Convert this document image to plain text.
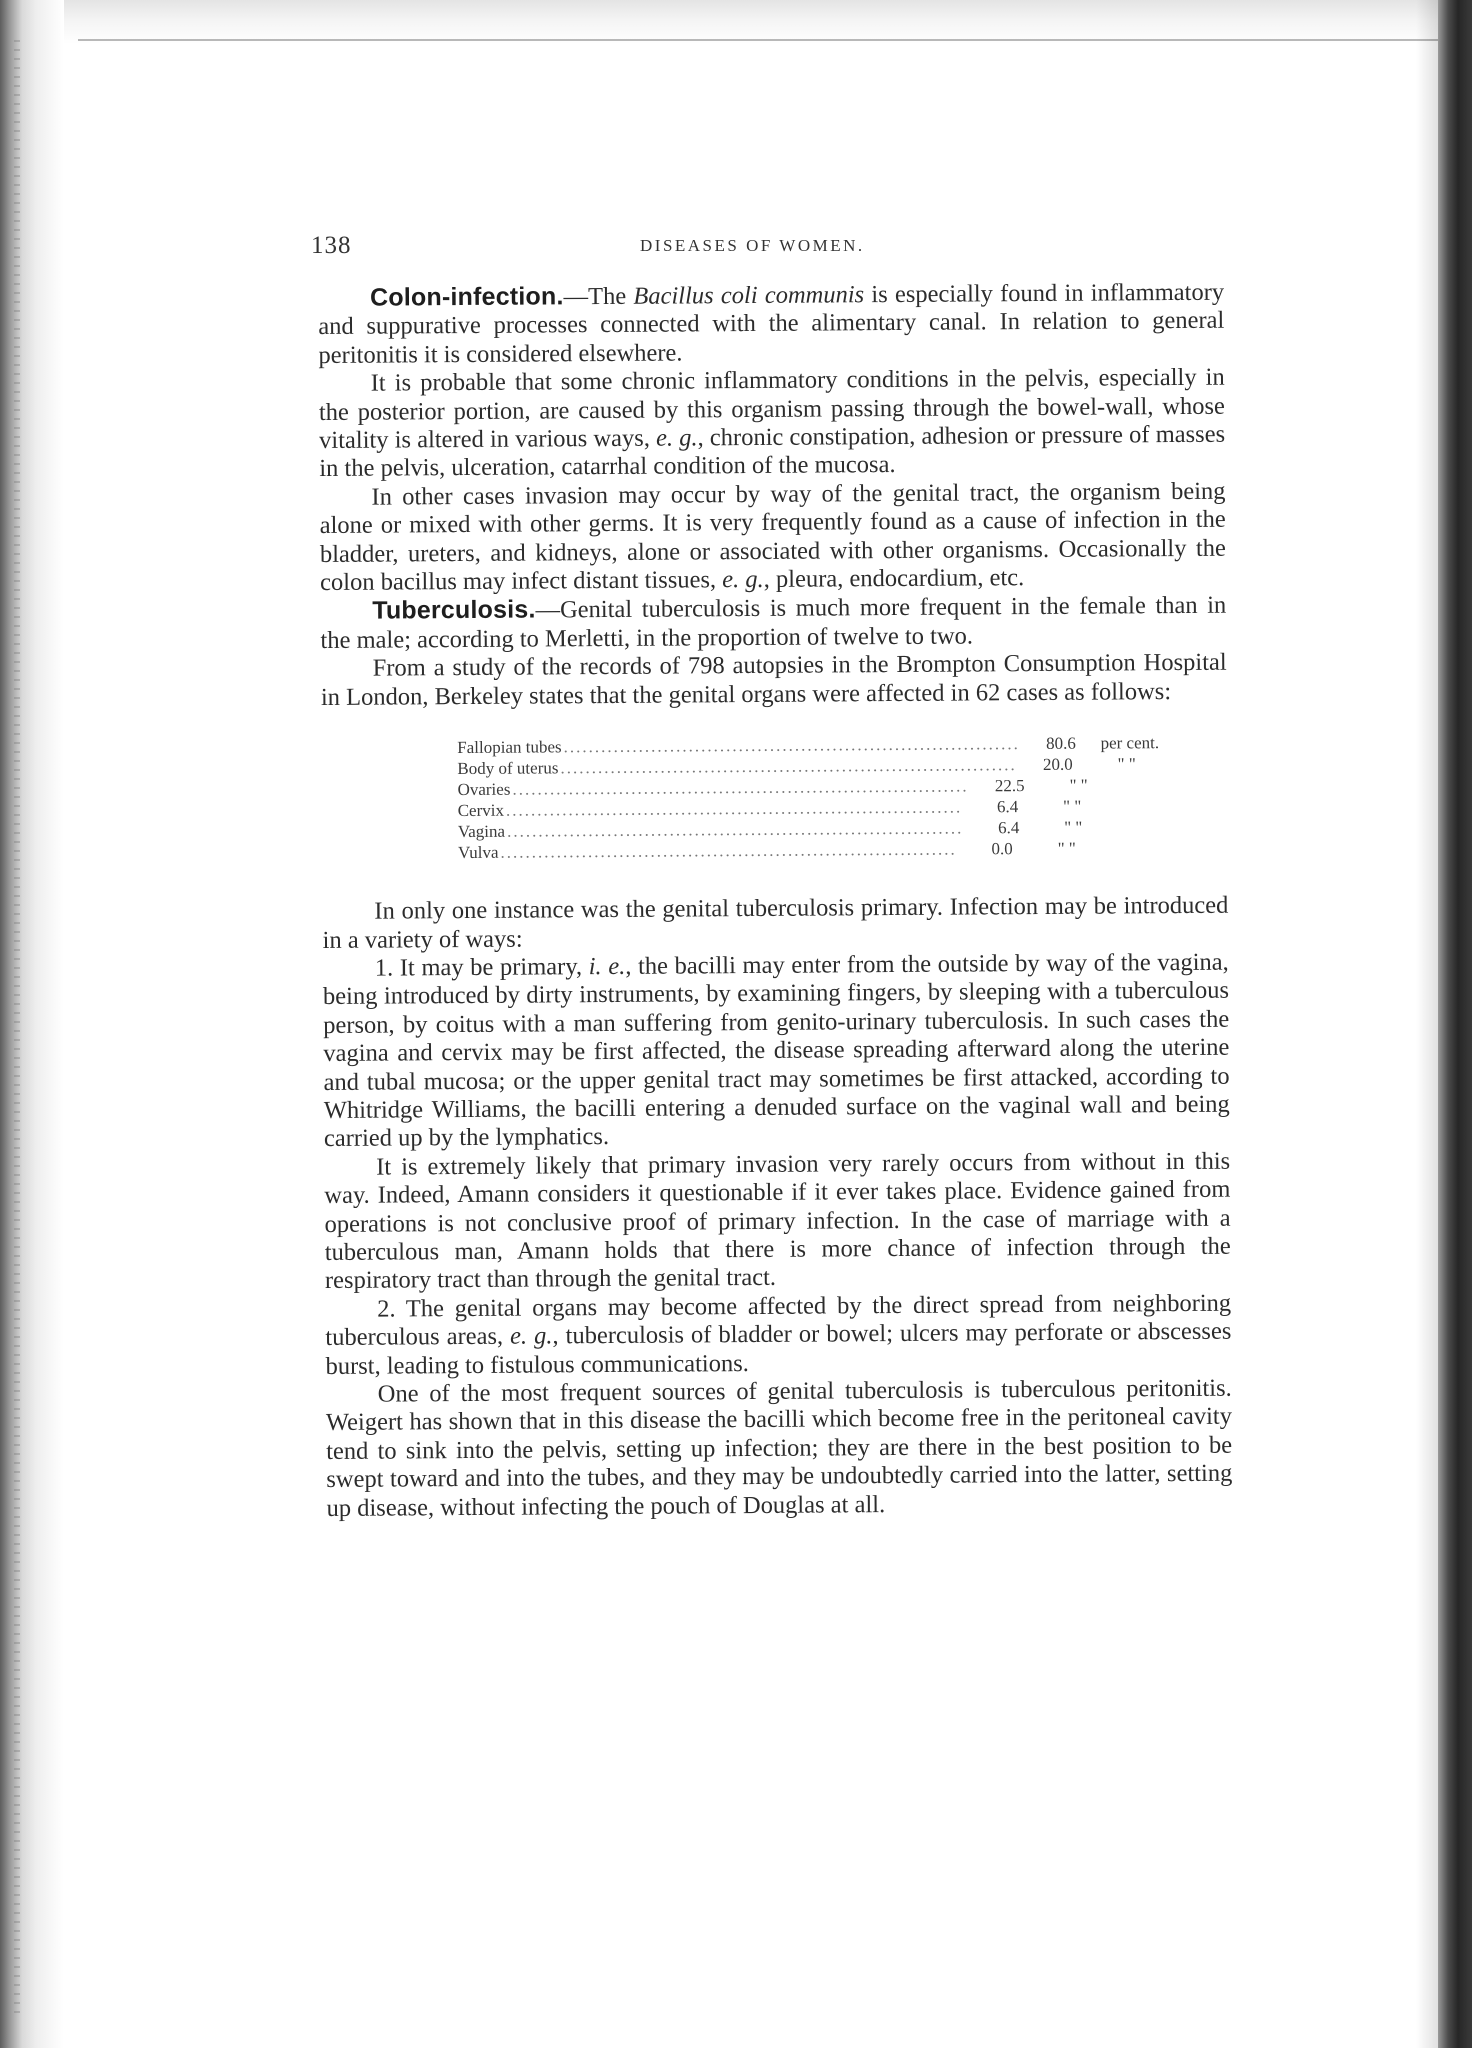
138	DISEASES OF WOMEN.

Colon-infection.—The Bacillus coli communis is especially found in inflammatory and suppurative processes connected with the alimentary canal. In relation to general peritonitis it is considered elsewhere.

It is probable that some chronic inflammatory conditions in the pelvis, especially in the posterior portion, are caused by this organism passing through the bowel-wall, whose vitality is altered in various ways, e. g., chronic constipation, adhesion or pressure of masses in the pelvis, ulceration, catarrhal condition of the mucosa.

In other cases invasion may occur by way of the genital tract, the organism being alone or mixed with other germs. It is very frequently found as a cause of infection in the bladder, ureters, and kidneys, alone or associated with other organisms. Occasionally the colon bacillus may infect distant tissues, e. g., pleura, endocardium, etc.

Tuberculosis.—Genital tuberculosis is much more frequent in the female than in the male; according to Merletti, in the proportion of twelve to two.

From a study of the records of 798 autopsies in the Brompton Consumption Hospital in London, Berkeley states that the genital organs were affected in 62 cases as follows:

Fallopian tubes .........................................................................	80.6	per cent.
Body of uterus .........................................................................	20.0	" "
Ovaries .........................................................................	22.5	" "
Cervix .........................................................................	6.4	" "
Vagina .........................................................................	6.4	" "
Vulva .........................................................................	0.0	" "

In only one instance was the genital tuberculosis primary. Infection may be introduced in a variety of ways:

1. It may be primary, i. e., the bacilli may enter from the outside by way of the vagina, being introduced by dirty instruments, by examining fingers, by sleeping with a tuberculous person, by coitus with a man suffering from genito-urinary tuberculosis. In such cases the vagina and cervix may be first affected, the disease spreading afterward along the uterine and tubal mucosa; or the upper genital tract may sometimes be first attacked, according to Whitridge Williams, the bacilli entering a denuded surface on the vaginal wall and being carried up by the lymphatics.

It is extremely likely that primary invasion very rarely occurs from without in this way. Indeed, Amann considers it questionable if it ever takes place. Evidence gained from operations is not conclusive proof of primary infection. In the case of marriage with a tuberculous man, Amann holds that there is more chance of infection through the respiratory tract than through the genital tract.

2. The genital organs may become affected by the direct spread from neighboring tuberculous areas, e. g., tuberculosis of bladder or bowel; ulcers may perforate or abscesses burst, leading to fistulous communications.

One of the most frequent sources of genital tuberculosis is tuberculous peritonitis. Weigert has shown that in this disease the bacilli which become free in the peritoneal cavity tend to sink into the pelvis, setting up infection; they are there in the best position to be swept toward and into the tubes, and they may be undoubtedly carried into the latter, setting up disease, without infecting the pouch of Douglas at all.
